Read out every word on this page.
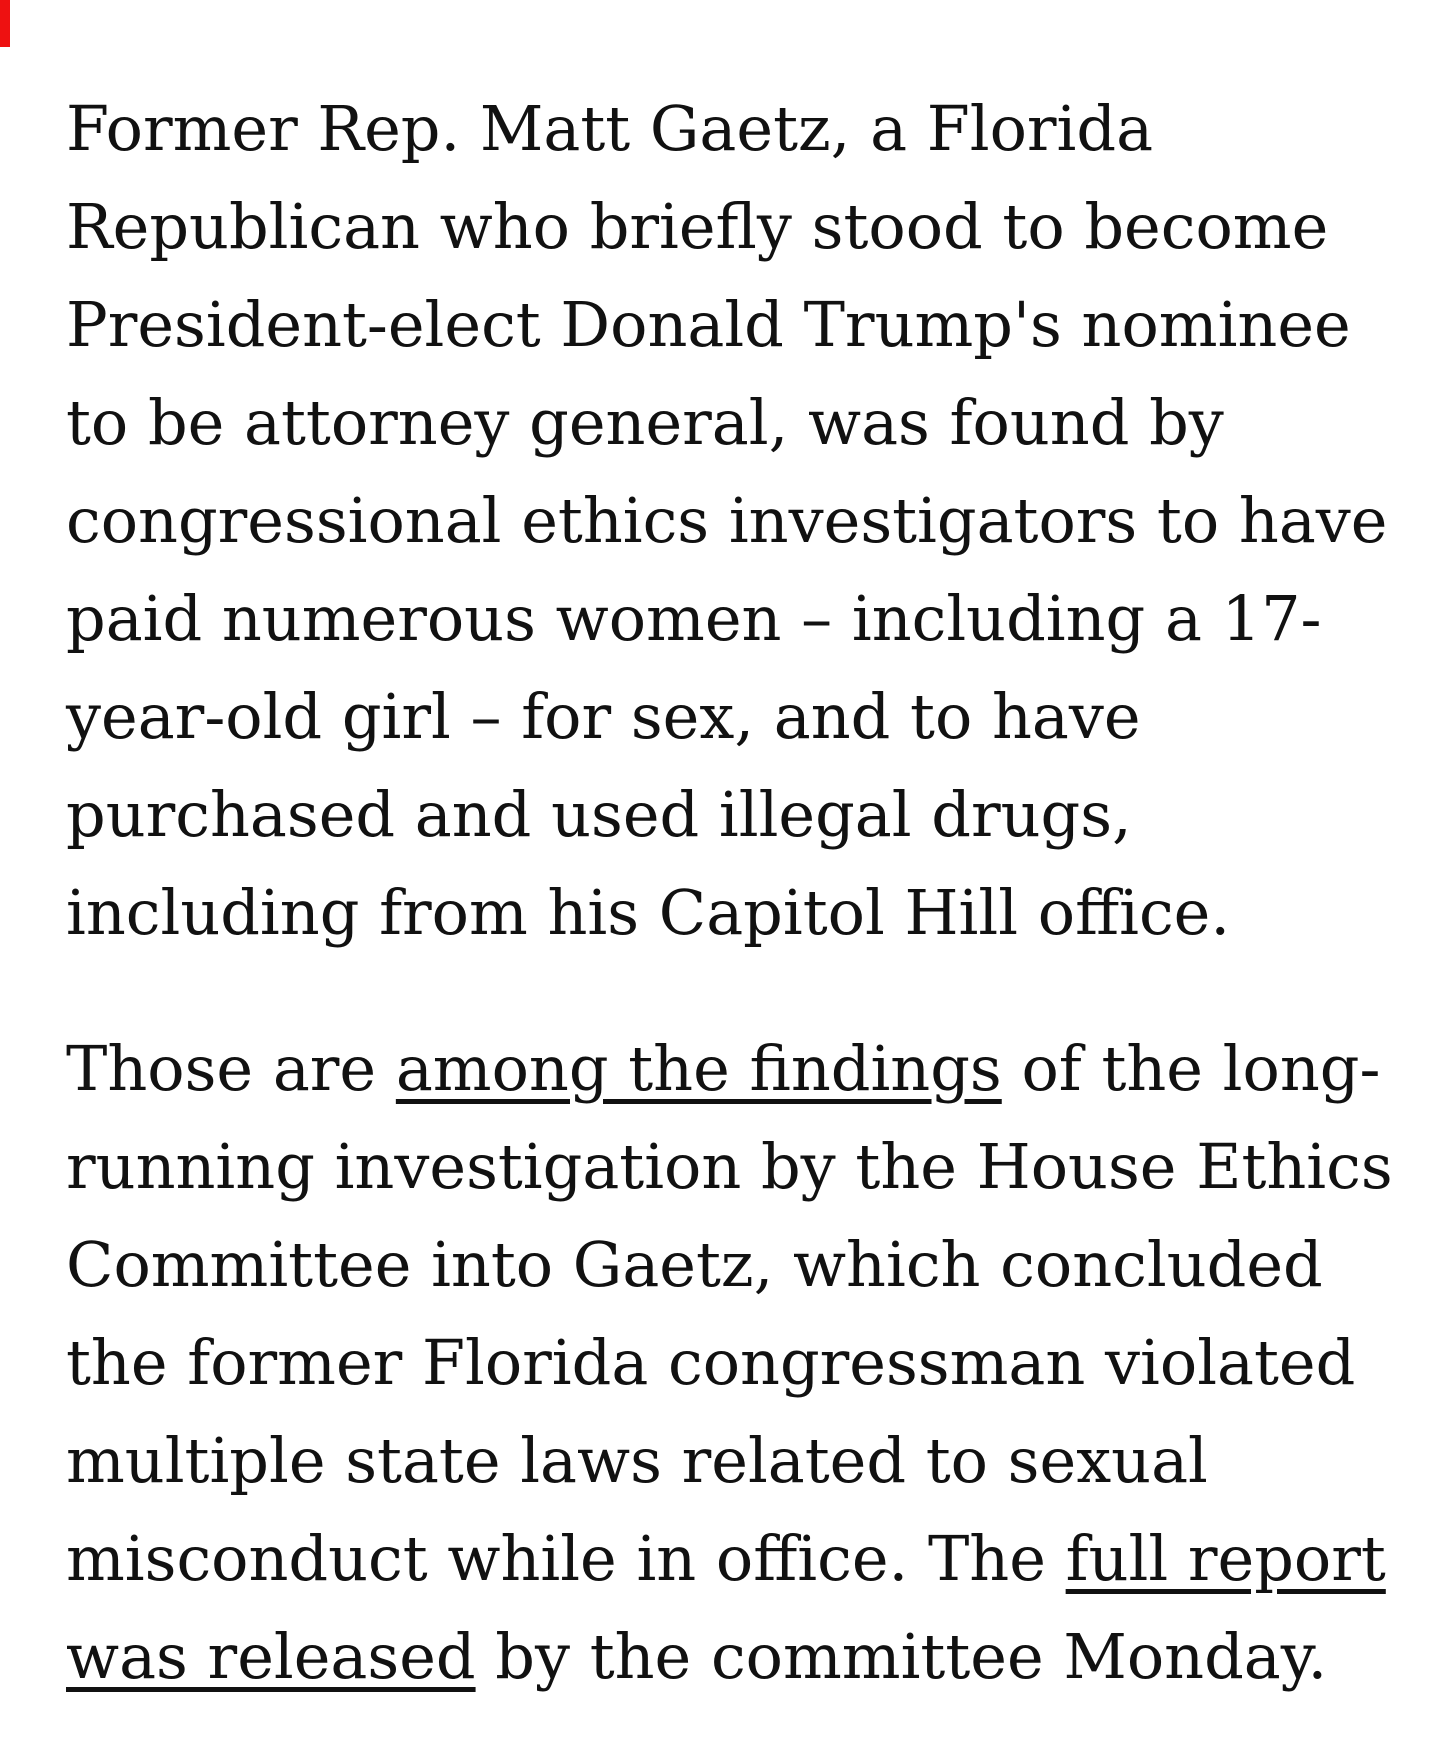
Former Rep. Matt Gaetz, a Florida
Republican who briefly stood to become
President-elect Donald Trump's nominee
to be attorney general, was found by
congressional ethics investigators to have
paid numerous women – including a 17-
year-old girl – for sex, and to have
purchased and used illegal drugs,
including from his Capitol Hill office.
Those are among the findings of the long-
running investigation by the House Ethics
Committee into Gaetz, which concluded
the former Florida congressman violated
multiple state laws related to sexual
misconduct while in office. The full report
was released by the committee Monday.
